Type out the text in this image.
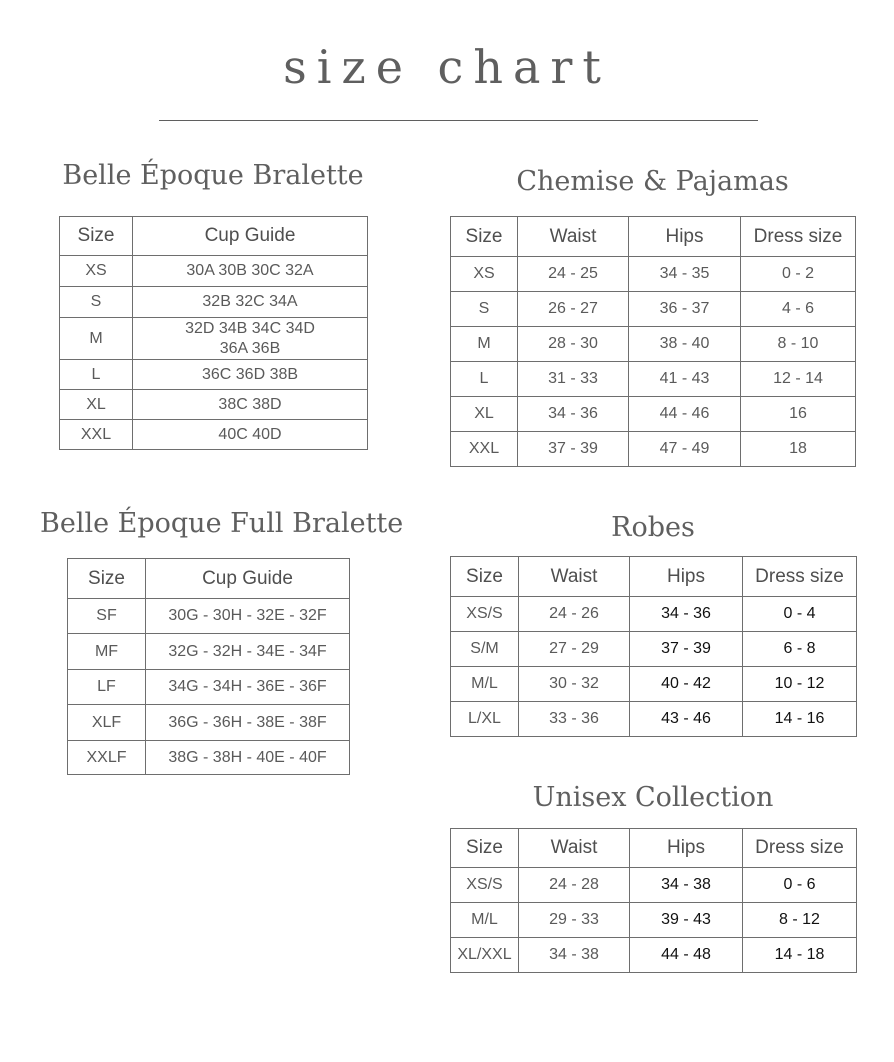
size chart
Belle Époque Bralette
Size	Cup Guide
XS	30A 30B 30C 32A

S	32B 32C 34A

M	32D 34B 34C 34D
36A 36B

L	36C 36D 38B

XL	38C 38D

XXL	40C 40D
Belle Époque Full Bralette
Size	Cup Guide
SF	30G - 30H - 32E - 32F
MF	32G - 32H - 34E - 34F
LF	34G - 34H - 36E - 36F
XLF	36G - 36H - 38E - 38F
XXLF	38G - 38H - 40E - 40F
Chemise & Pajamas
Size	Waist	Hips	Dress size
XS	24 - 25	34 - 35	0 - 2
S	26 - 27	36 - 37	4 - 6
M	28 - 30	38 - 40	8 - 10
L	31 - 33	41 - 43	12 - 14
XL	34 - 36	44 - 46	16
XXL	37 - 39	47 - 49	18
Robes
Size	Waist	Hips	Dress size
XS/S	24 - 26	34 - 36	0 - 4
S/M	27 - 29	37 - 39	6 - 8
M/L	30 - 32	40 - 42	10 - 12
L/XL	33 - 36	43 - 46	14 - 16
Unisex Collection
Size	Waist	Hips	Dress size
XS/S	24 - 28	34 - 38	0 - 6
M/L	29 - 33	39 - 43	8 - 12
XL/XXL	34 - 38	44 - 48	14 - 18
